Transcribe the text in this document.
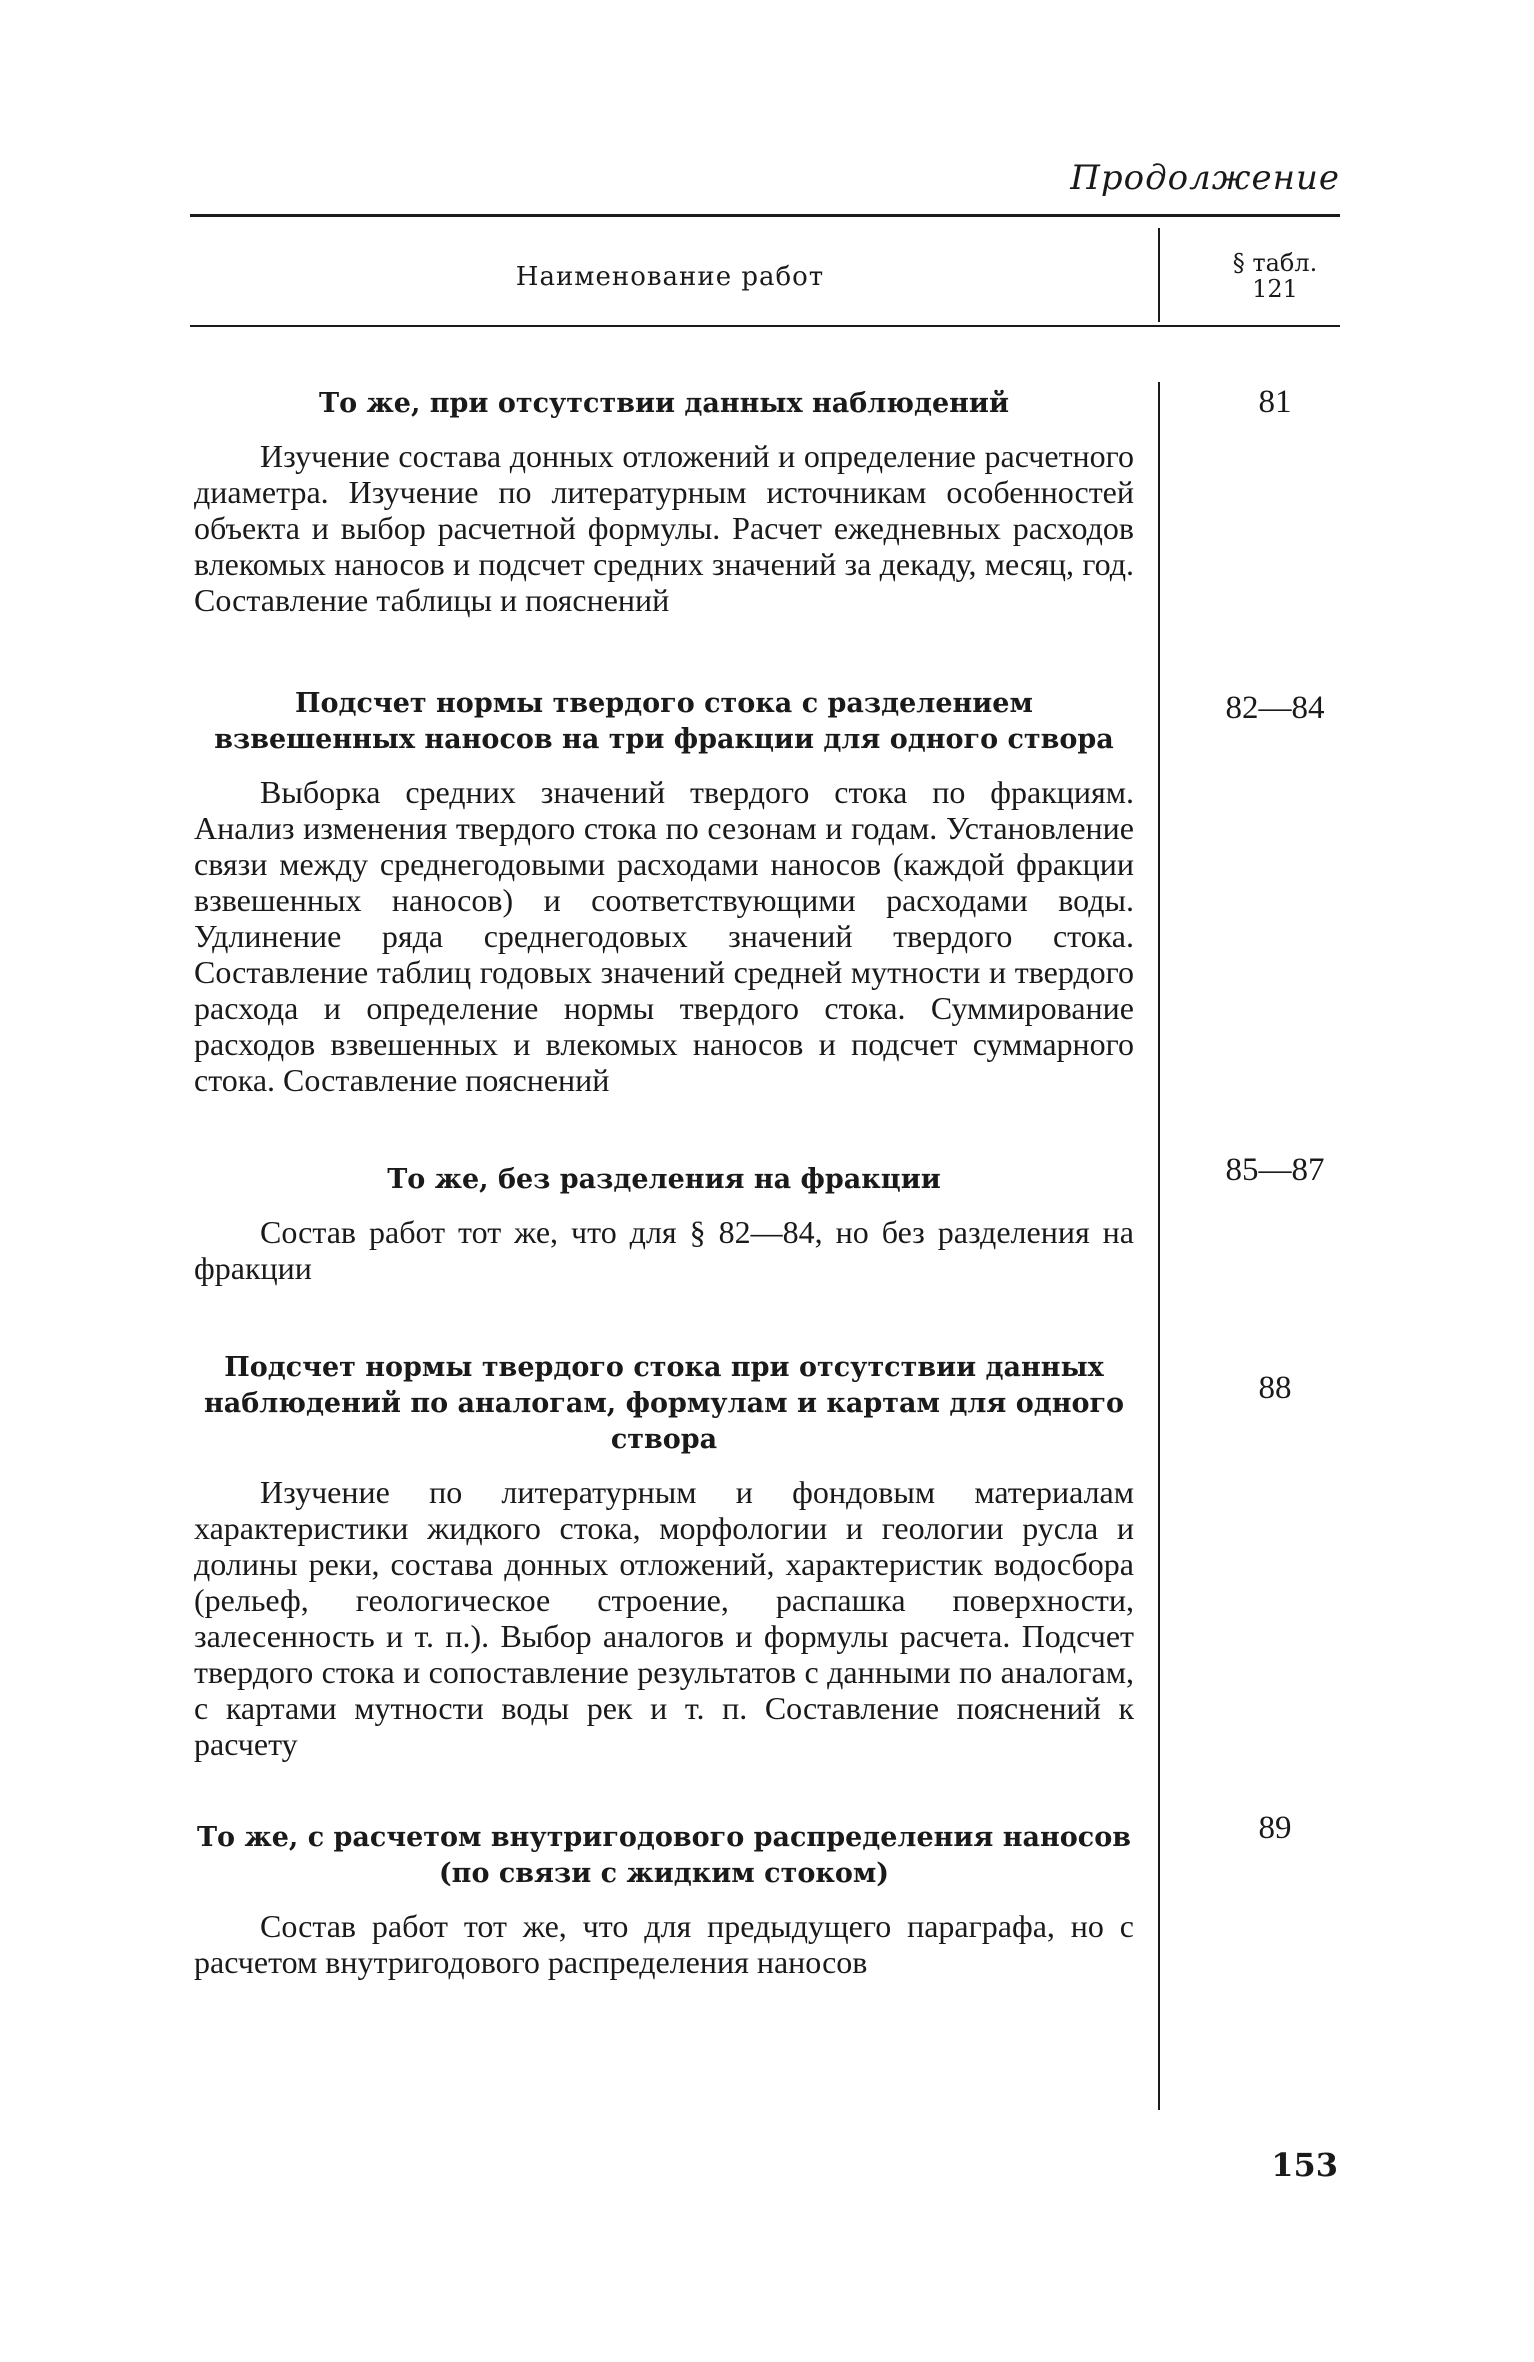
Продолжение
Наименование работ	§ табл.
121
То же, при отсутствии данных наблюдений

Изучение состава донных отложений и определение расчетного диаметра. Изучение по литературным источникам особенностей объекта и выбор расчетной формулы. Расчет ежедневных расходов влекомых наносов и подсчет средних значений за декаду, месяц, год. Составление таблицы и пояснений

81
Подсчет нормы твердого стока с разделением взвешенных наносов на три фракции для одного створа

Выборка средних значений твердого стока по фракциям. Анализ изменения твердого стока по сезонам и годам. Установление связи между среднегодовыми расходами наносов (каждой фракции взвешенных наносов) и соответствующими расходами воды. Удлинение ряда среднегодовых значений твердого стока. Составление таблиц годовых значений средней мутности и твердого расхода и определение нормы твердого стока. Суммирование расходов взвешенных и влекомых наносов и подсчет суммарного стока. Составление пояснений

82—84
То же, без разделения на фракции

Состав работ тот же, что для § 82—84, но без разделения на фракции

85—87
Подсчет нормы твердого стока при отсутствии данных наблюдений по аналогам, формулам и картам для одного створа

Изучение по литературным и фондовым материалам характеристики жидкого стока, морфологии и геологии русла и долины реки, состава донных отложений, характеристик водосбора (рельеф, геологическое строение, распашка поверхности, залесенность и т. п.). Выбор аналогов и формулы расчета. Подсчет твердого стока и сопоставление результатов с данными по аналогам, с картами мутности воды рек и т. п. Составление пояснений к расчету

88
То же, с расчетом внутригодового распределения наносов (по связи с жидким стоком)

Состав работ тот же, что для предыдущего параграфа, но с расчетом внутригодового распределения наносов

89
153
